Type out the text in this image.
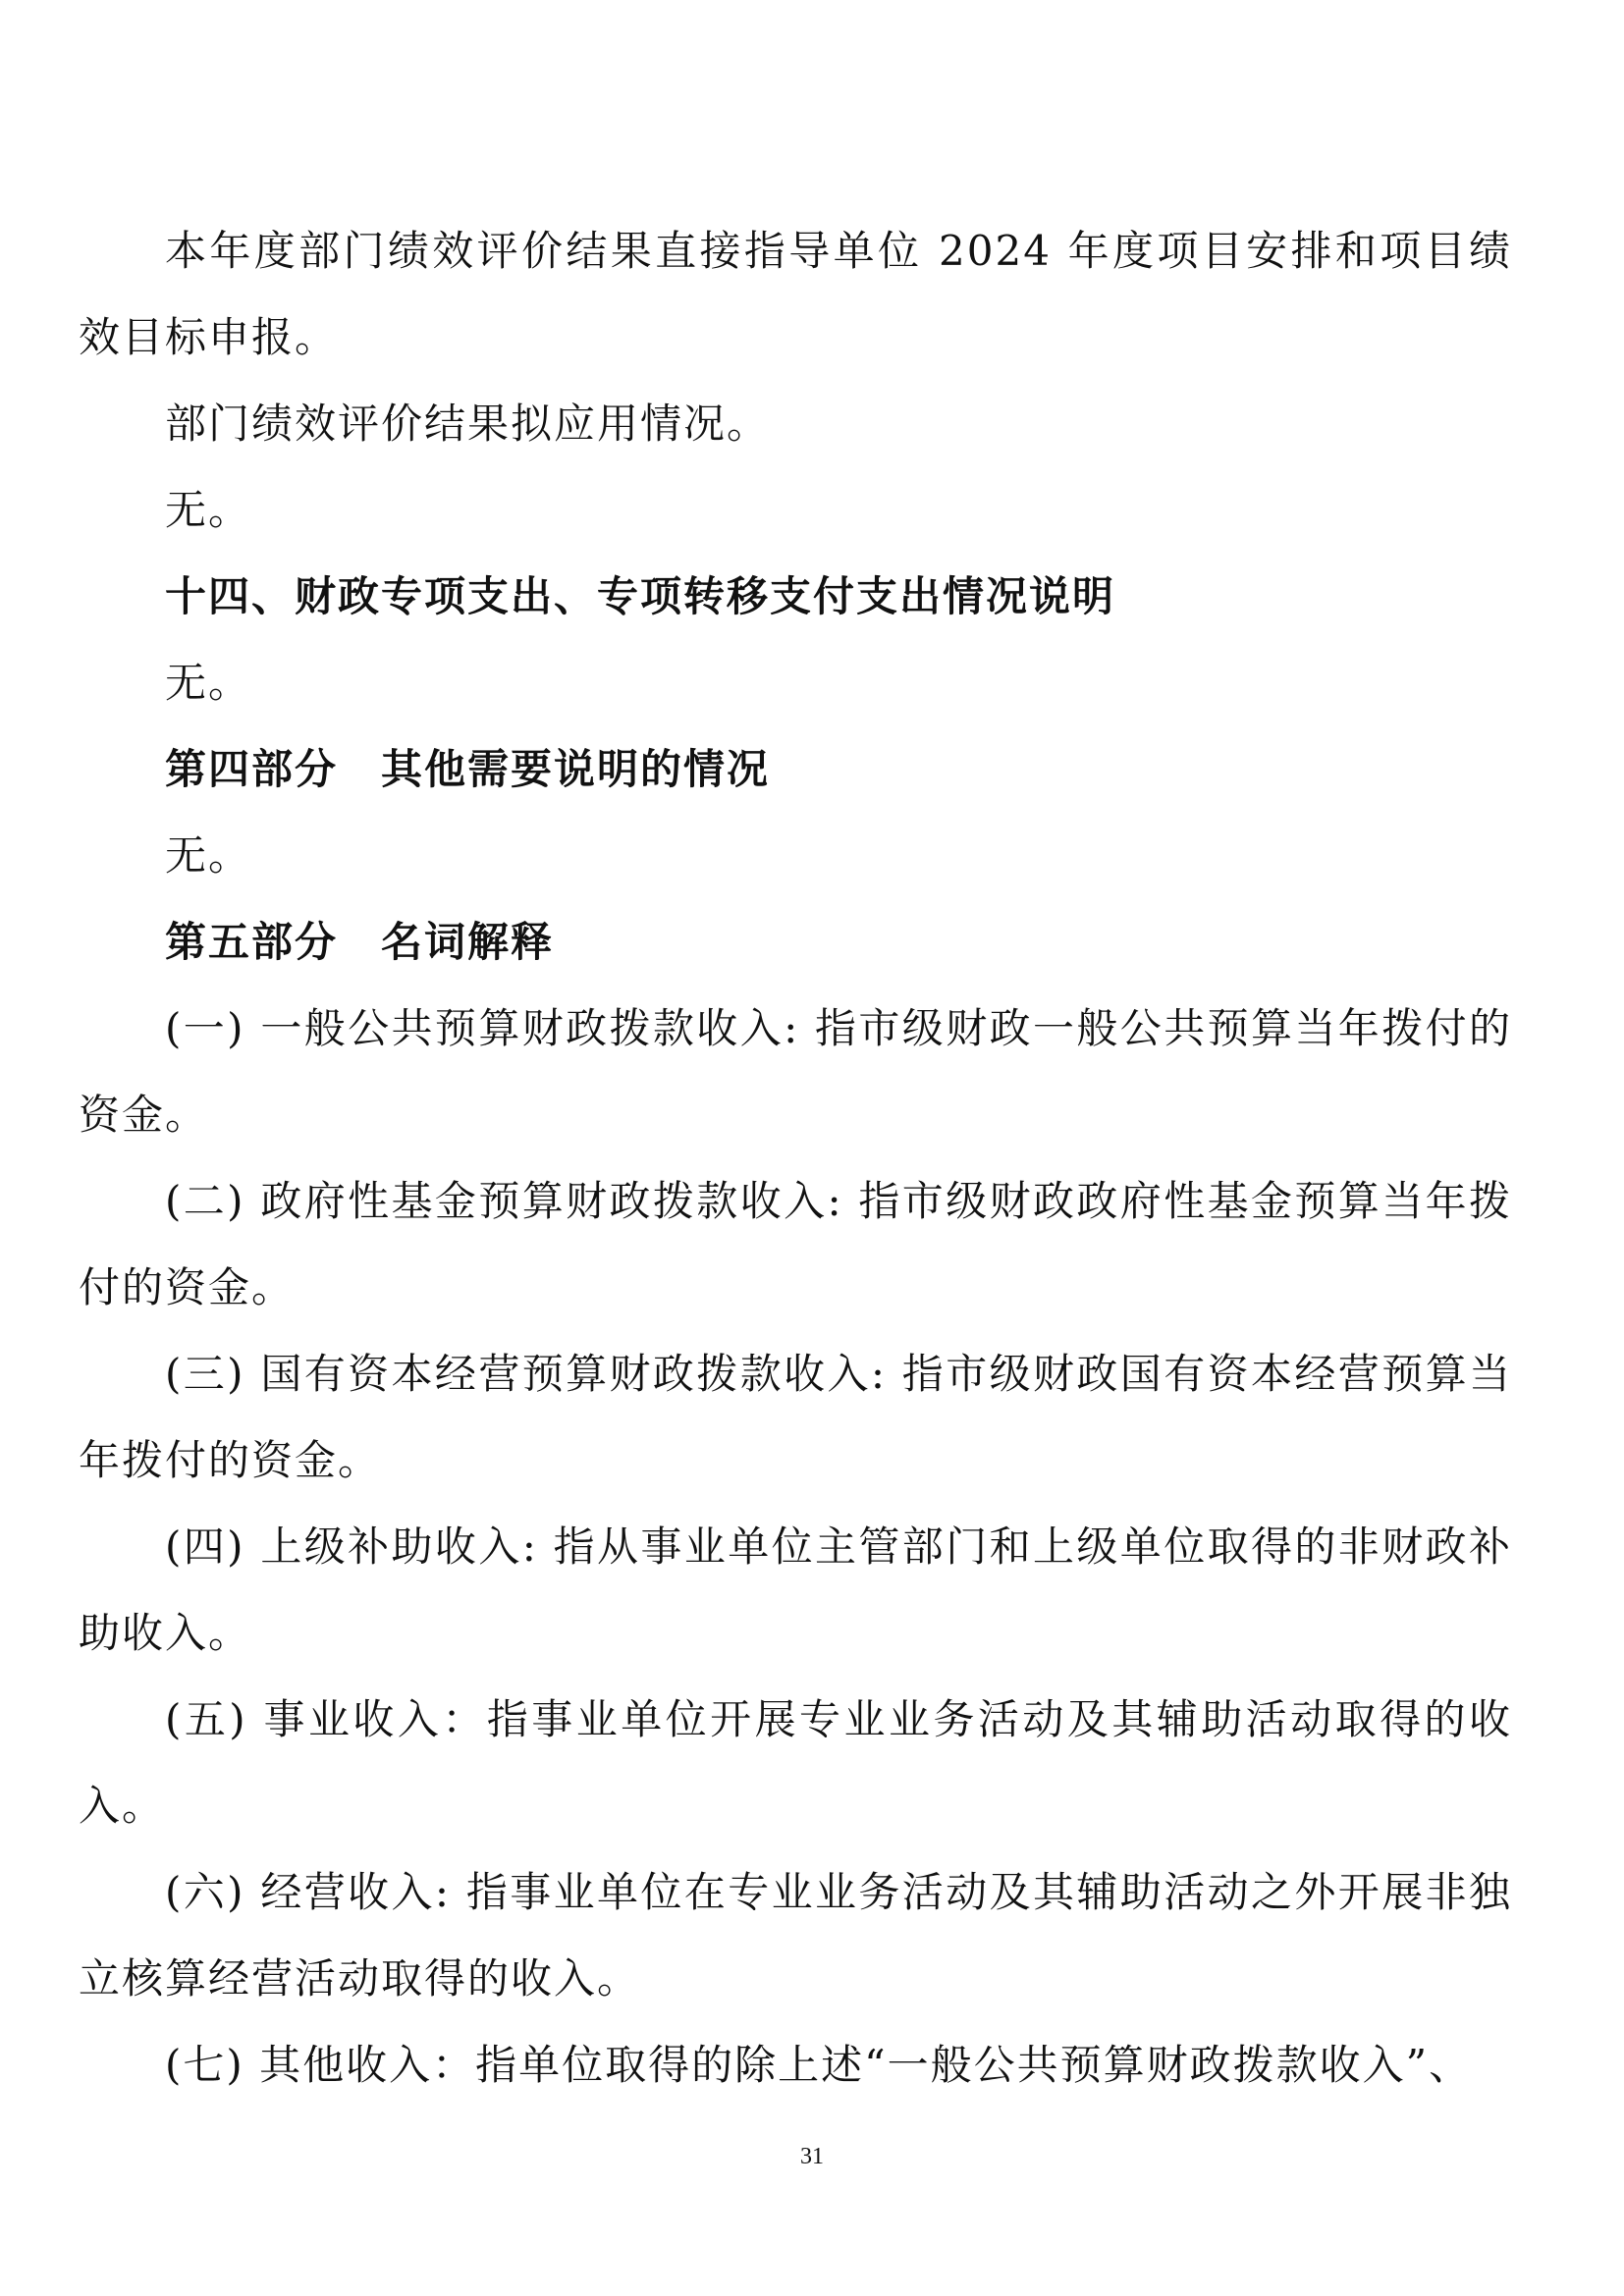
本年度部门绩效评价结果直接指导单位 2024 年度项目安排和项目绩效目标申报。

部门绩效评价结果拟应用情况。

无。

十四、财政专项支出、专项转移支付支出情况说明

无。

第四部分　其他需要说明的情况

无。

第五部分　名词解释

(一) 一般公共预算财政拨款收入: 指市级财政一般公共预算当年拨付的资金。

(二) 政府性基金预算财政拨款收入: 指市级财政政府性基金预算当年拨付的资金。

(三) 国有资本经营预算财政拨款收入: 指市级财政国有资本经营预算当年拨付的资金。

(四) 上级补助收入: 指从事业单位主管部门和上级单位取得的非财政补助收入。

(五) 事业收入：指事业单位开展专业业务活动及其辅助活动取得的收入。

(六) 经营收入: 指事业单位在专业业务活动及其辅助活动之外开展非独立核算经营活动取得的收入。

(七) 其他收入：指单位取得的除上述“一般公共预算财政拨款收入”、

31
